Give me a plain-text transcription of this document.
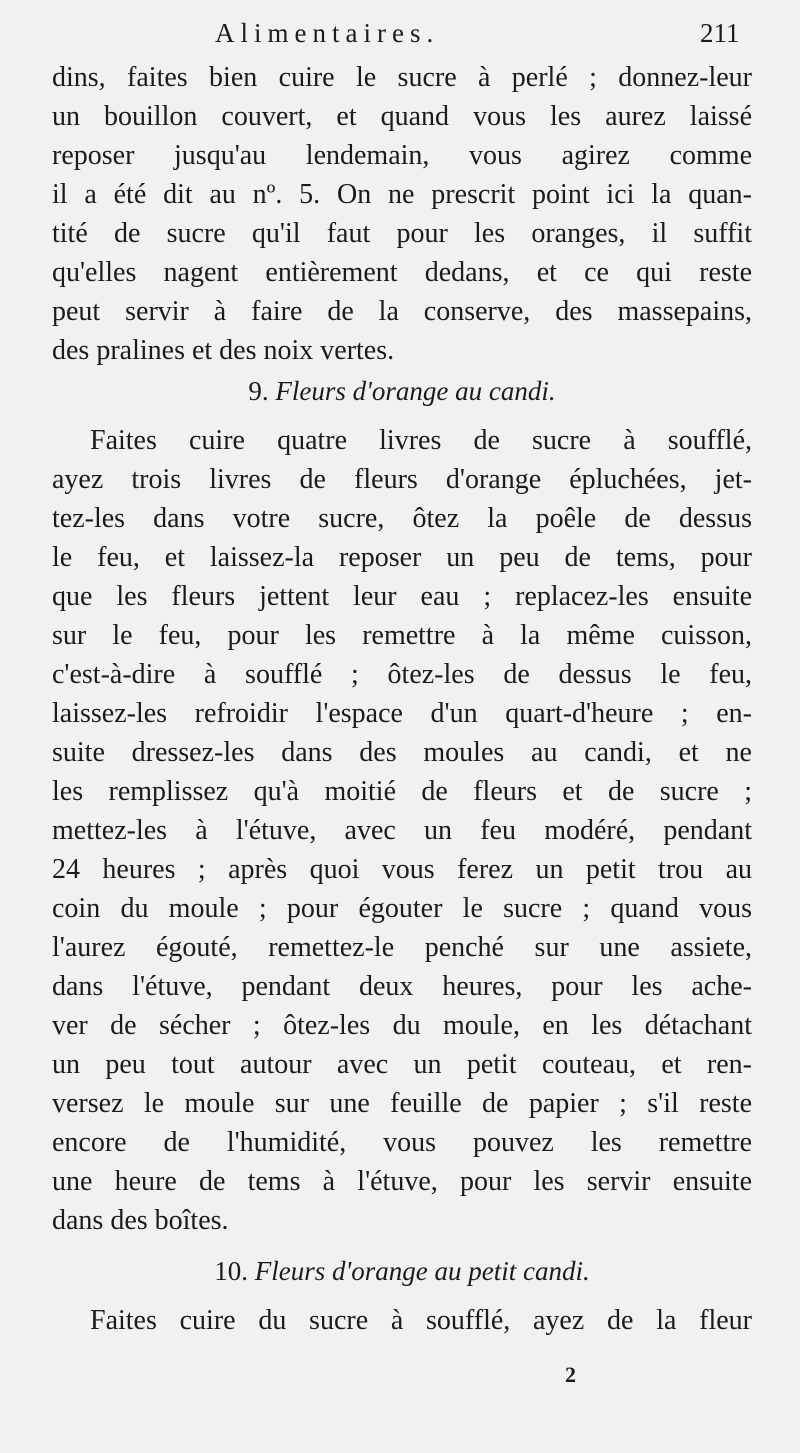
Alimentaires.	211
dins, faites bien cuire le sucre à perlé ; donnez-leur
un bouillon couvert, et quand vous les aurez laissé
reposer jusqu'au lendemain, vous agirez comme
il a été dit au nº. 5. On ne prescrit point ici la quan-
tité de sucre qu'il faut pour les oranges, il suffit
qu'elles nagent entièrement dedans, et ce qui reste
peut servir à faire de la conserve, des massepains,
des pralines et des noix vertes.
9. Fleurs d'orange au candi.
Faites cuire quatre livres de sucre à soufflé,
ayez trois livres de fleurs d'orange épluchées, jet-
tez-les dans votre sucre, ôtez la poêle de dessus
le feu, et laissez-la reposer un peu de tems, pour
que les fleurs jettent leur eau ; replacez-les ensuite
sur le feu, pour les remettre à la même cuisson,
c'est-à-dire à soufflé ; ôtez-les de dessus le feu,
laissez-les refroidir l'espace d'un quart-d'heure ; en-
suite dressez-les dans des moules au candi, et ne
les remplissez qu'à moitié de fleurs et de sucre ;
mettez-les à l'étuve, avec un feu modéré, pendant
24 heures ; après quoi vous ferez un petit trou au
coin du moule ; pour égouter le sucre ; quand vous
l'aurez égouté, remettez-le penché sur une assiete,
dans l'étuve, pendant deux heures, pour les ache-
ver de sécher ; ôtez-les du moule, en les détachant
un peu tout autour avec un petit couteau, et ren-
versez le moule sur une feuille de papier ; s'il reste
encore de l'humidité, vous pouvez les remettre
une heure de tems à l'étuve, pour les servir ensuite
dans des boîtes.
10. Fleurs d'orange au petit candi.
Faites cuire du sucre à soufflé, ayez de la fleur
2
